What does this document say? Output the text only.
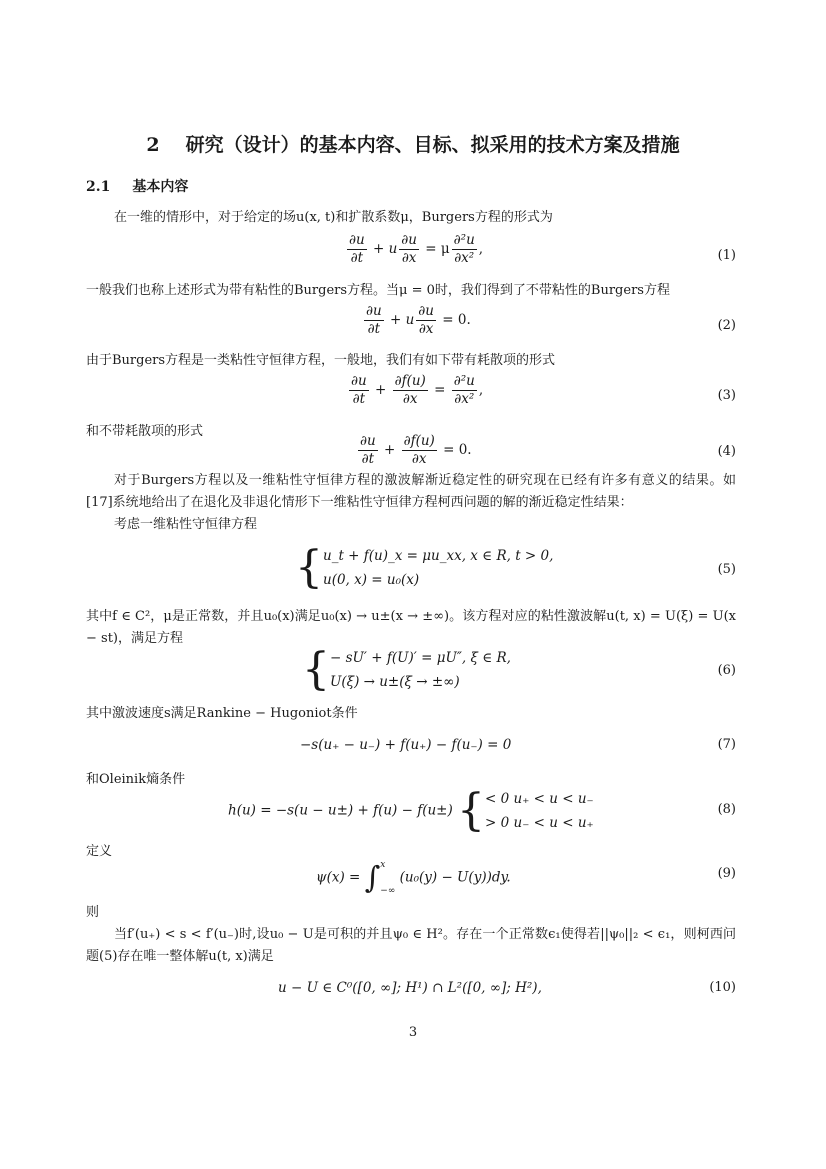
2 研究（设计）的基本内容、目标、拟采用的技术方案及措施
2.1 基本内容
在一维的情形中，对于给定的场u(x, t)和扩散系数μ，Burgers方程的形式为
$\frac{\partial u}{\partial t} + u \frac{\partial u}{\partial x} = \mu \frac{\text{∂²u}}{\text{∂x²}}$ ,	(1)
一般我们也称上述形式为带有粘性的Burgers方程。当μ = 0时，我们得到了不带粘性的Burgers方程
$\frac{\partial u}{\partial t} + u \frac{\partial u}{\partial x} = 0$.	(2)
由于Burgers方程是一类粘性守恒律方程，一般地，我们有如下带有耗散项的形式
$\frac{\partial u}{\partial t} + \frac{\partial f(u)}{\partial x} = \frac{\text{∂²u}}{\text{∂x²}}$ ,	(3)
和不带耗散项的形式
$\frac{\partial u}{\partial t} + \frac{\partial f(u)}{\partial x} = 0$.	(4)
对于Burgers方程以及一维粘性守恒律方程的激波解渐近稳定性的研究现在已经有许多有意义的结果。如[17]系统地给出了在退化及非退化情形下一维粘性守恒律方程柯西问题的解的渐近稳定性结果：
考虑一维粘性守恒律方程
{ u_t + f(u)_x = μu_xx, x ∈ R, t > 0,
u(0, x) = u₀(x)
(5)
其中f ∈ C²，μ是正常数，并且u₀(x)满足u₀(x) → u±(x → ±∞)。该方程对应的粘性激波解u(t, x) = U(ξ) = U(x − st)，满足方程
{ − sU′ + f(U)′ = μU″, ξ ∈ R,
U(ξ) → u±(ξ → ±∞)
(6)
其中激波速度s满足Rankine − Hugoniot条件
−s(u₊ − u₋) + f(u₊) − f(u₋) = 0	(7)
和Oleinik熵条件
h(u) = −s(u − u±) + f(u) − f(u±) { < 0 u₊ < u < u₋
> 0 u₋ < u < u₊
(8)
定义
ψ(x) = ∫ x
−∞
(u₀(y) − U(y))dy.	(9)
则
当f′(u₊) < s < f′(u₋)时,设u₀ − U是可积的并且ψ₀ ∈ H²。存在一个正常数ϵ₁使得若||ψ₀||₂ < ϵ₁，则柯西问题(5)存在唯一整体解u(t, x)满足
u − U ∈ C⁰([0, ∞]; H¹) ∩ L²([0, ∞]; H²),	(10)
3
